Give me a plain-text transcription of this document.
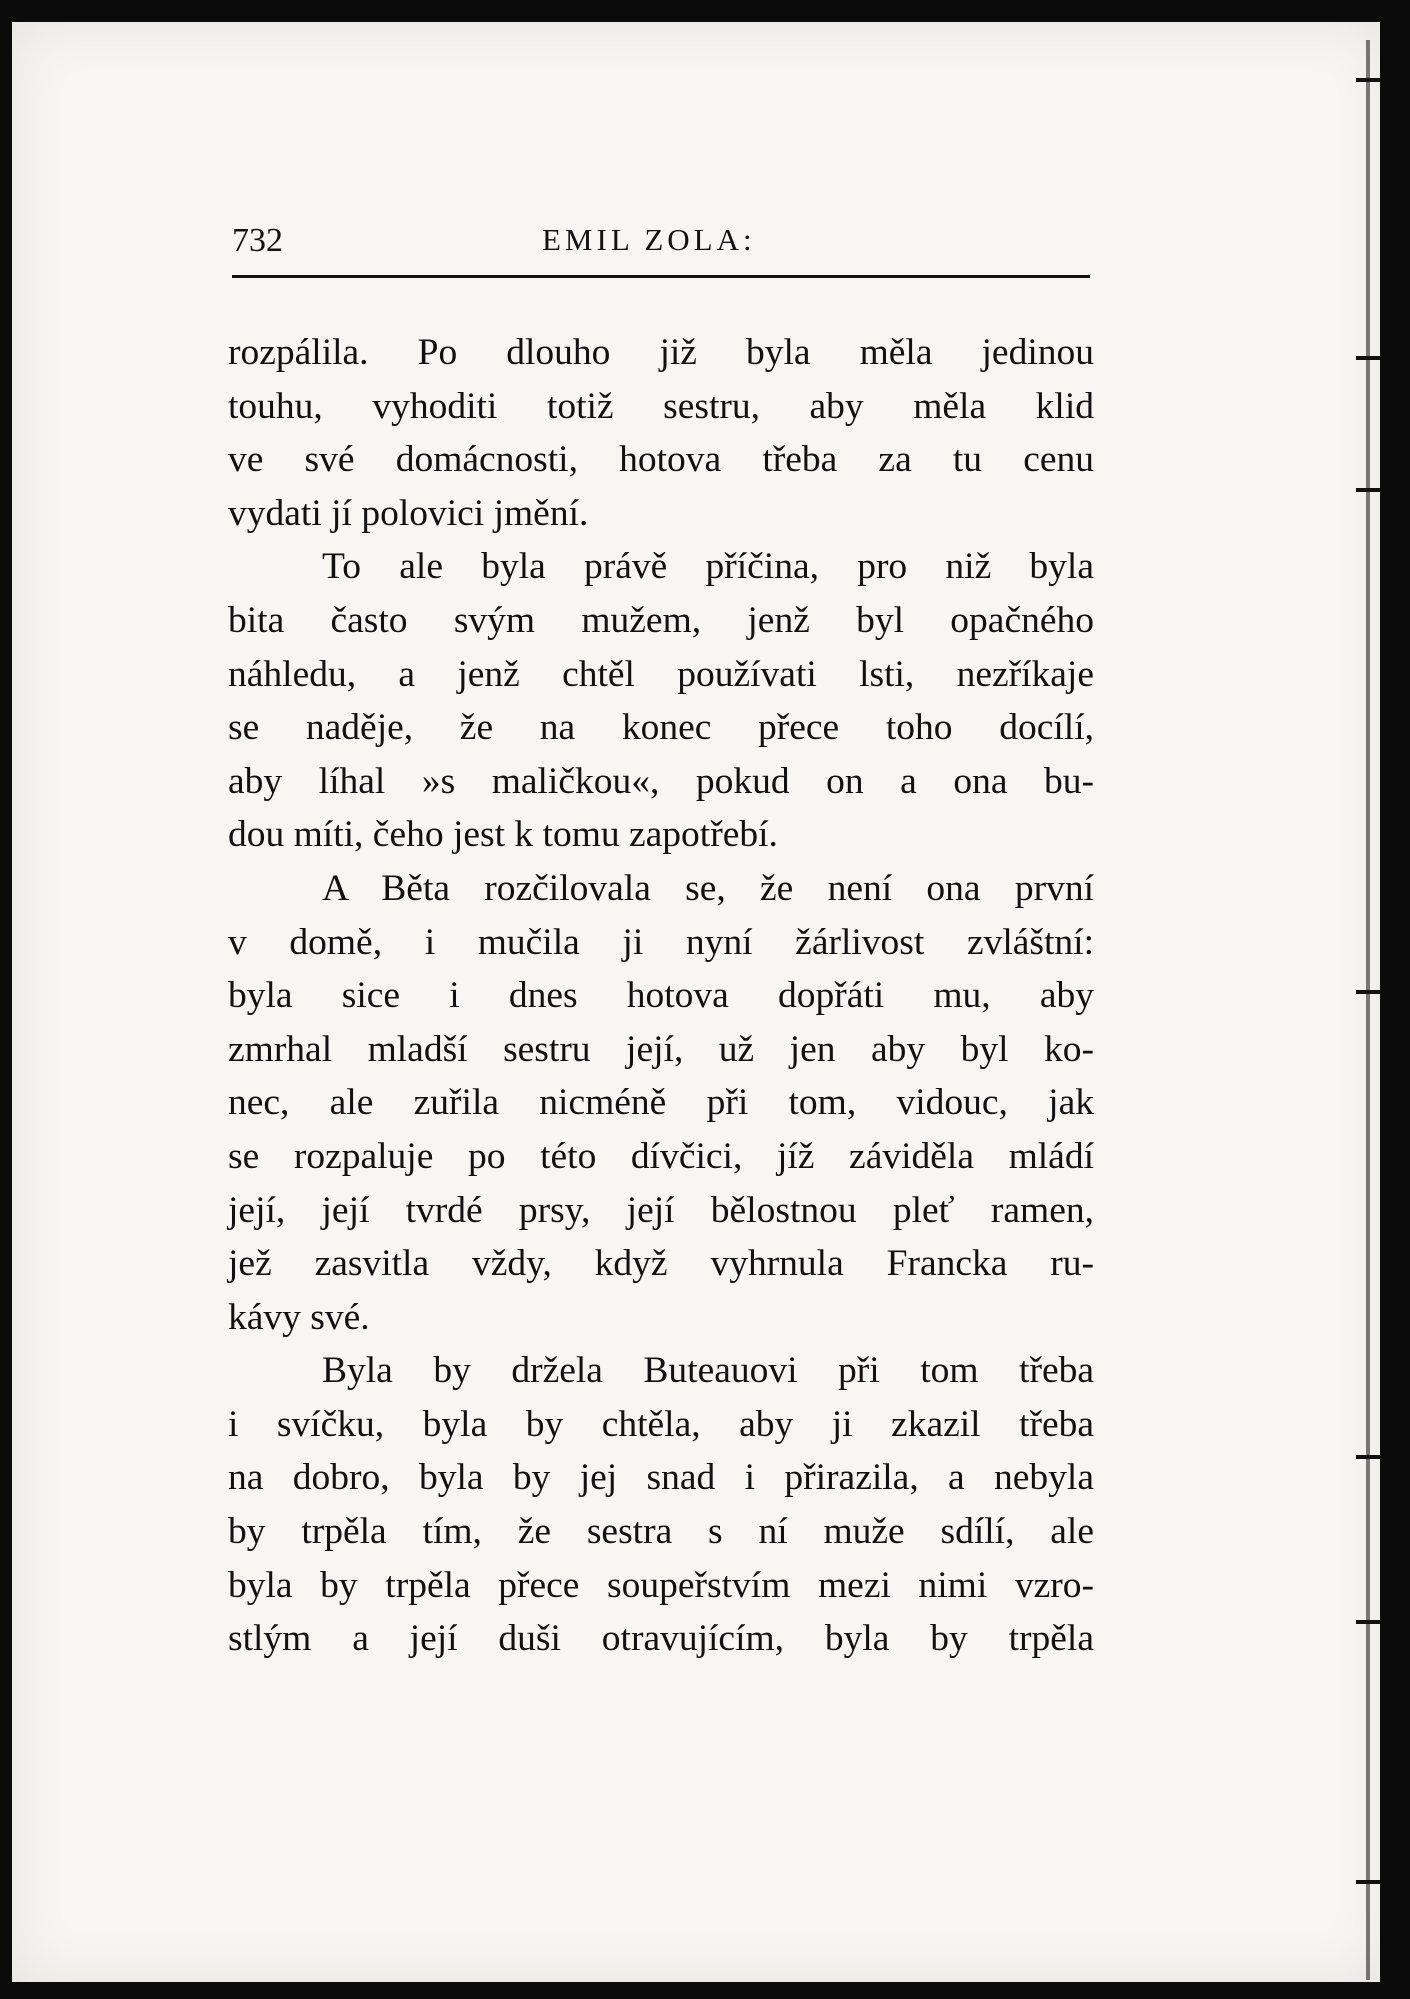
732	EMIL ZOLA:
rozpálila. Po dlouho již byla měla jedinou
touhu, vyhoditi totiž sestru, aby měla klid
ve své domácnosti, hotova třeba za tu cenu
vydati jí polovici jmění.
To ale byla právě příčina, pro niž byla
bita často svým mužem, jenž byl opačného
náhledu, a jenž chtěl používati lsti, nezříkaje
se naděje, že na konec přece toho docílí,
aby líhal »s maličkou«, pokud on a ona bu-
dou míti, čeho jest k tomu zapotřebí.
A Běta rozčilovala se, že není ona první
v domě, i mučila ji nyní žárlivost zvláštní:
byla sice i dnes hotova dopřáti mu, aby
zmrhal mladší sestru její, už jen aby byl ko-
nec, ale zuřila nicméně při tom, vidouc, jak
se rozpaluje po této dívčici, jíž záviděla mládí
její, její tvrdé prsy, její bělostnou pleť ramen,
jež zasvitla vždy, když vyhrnula Francka ru-
kávy své.
Byla by držela Buteauovi při tom třeba
i svíčku, byla by chtěla, aby ji zkazil třeba
na dobro, byla by jej snad i přirazila, a nebyla
by trpěla tím, že sestra s ní muže sdílí, ale
byla by trpěla přece soupeřstvím mezi nimi vzro-
stlým a její duši otravujícím, byla by trpěla
